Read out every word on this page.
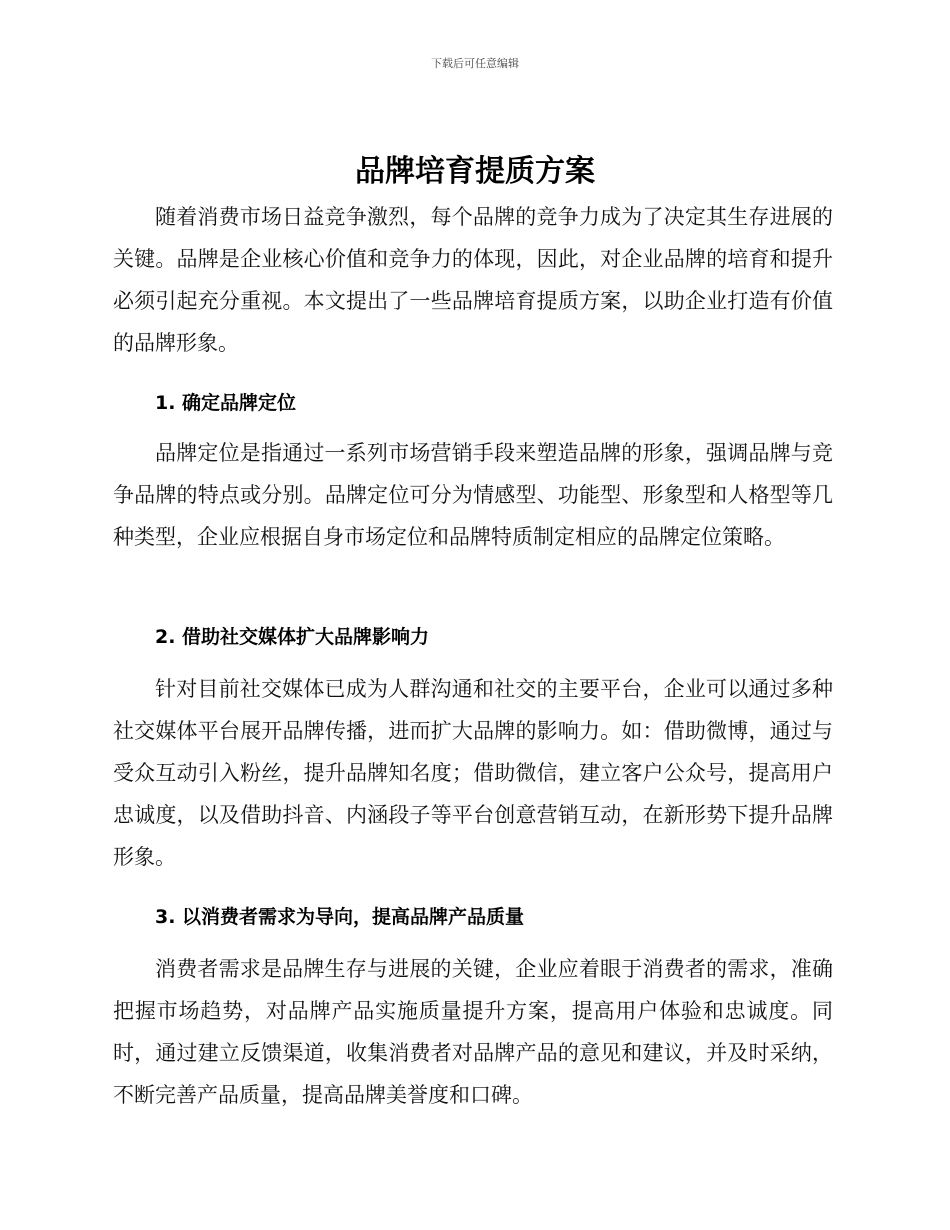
下载后可任意编辑
品牌培育提质方案

随着消费市场日益竞争激烈，每个品牌的竞争力成为了决定其生存进展的关键。品牌是企业核心价值和竞争力的体现，因此，对企业品牌的培育和提升必须引起充分重视。本文提出了一些品牌培育提质方案，以助企业打造有价值的品牌形象。

1. 确定品牌定位

品牌定位是指通过一系列市场营销手段来塑造品牌的形象，强调品牌与竞争品牌的特点或分别。品牌定位可分为情感型、功能型、形象型和人格型等几种类型，企业应根据自身市场定位和品牌特质制定相应的品牌定位策略。

2. 借助社交媒体扩大品牌影响力

针对目前社交媒体已成为人群沟通和社交的主要平台，企业可以通过多种社交媒体平台展开品牌传播，进而扩大品牌的影响力。如：借助微博，通过与受众互动引入粉丝，提升品牌知名度；借助微信，建立客户公众号，提高用户忠诚度，以及借助抖音、内涵段子等平台创意营销互动，在新形势下提升品牌形象。

3. 以消费者需求为导向，提高品牌产品质量

消费者需求是品牌生存与进展的关键，企业应着眼于消费者的需求，准确把握市场趋势，对品牌产品实施质量提升方案，提高用户体验和忠诚度。同时，通过建立反馈渠道，收集消费者对品牌产品的意见和建议，并及时采纳，不断完善产品质量，提高品牌美誉度和口碑。
